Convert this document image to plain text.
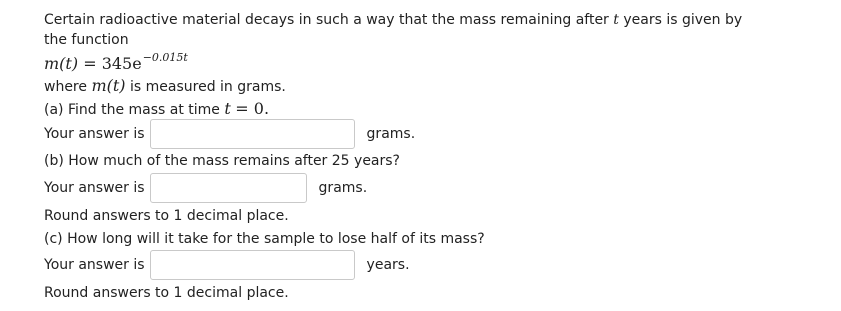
Certain radioactive material decays in such a way that the mass remaining after t years is given by
the function
$m(t) = 345e^{-0.015t}$
where m(t) is measured in grams.
(a) Find the mass at time t = 0.
Your answer is	grams.
(b) How much of the mass remains after 25 years?
Your answer is	grams.
Round answers to 1 decimal place.
(c) How long will it take for the sample to lose half of its mass?
Your answer is	years.
Round answers to 1 decimal place.
